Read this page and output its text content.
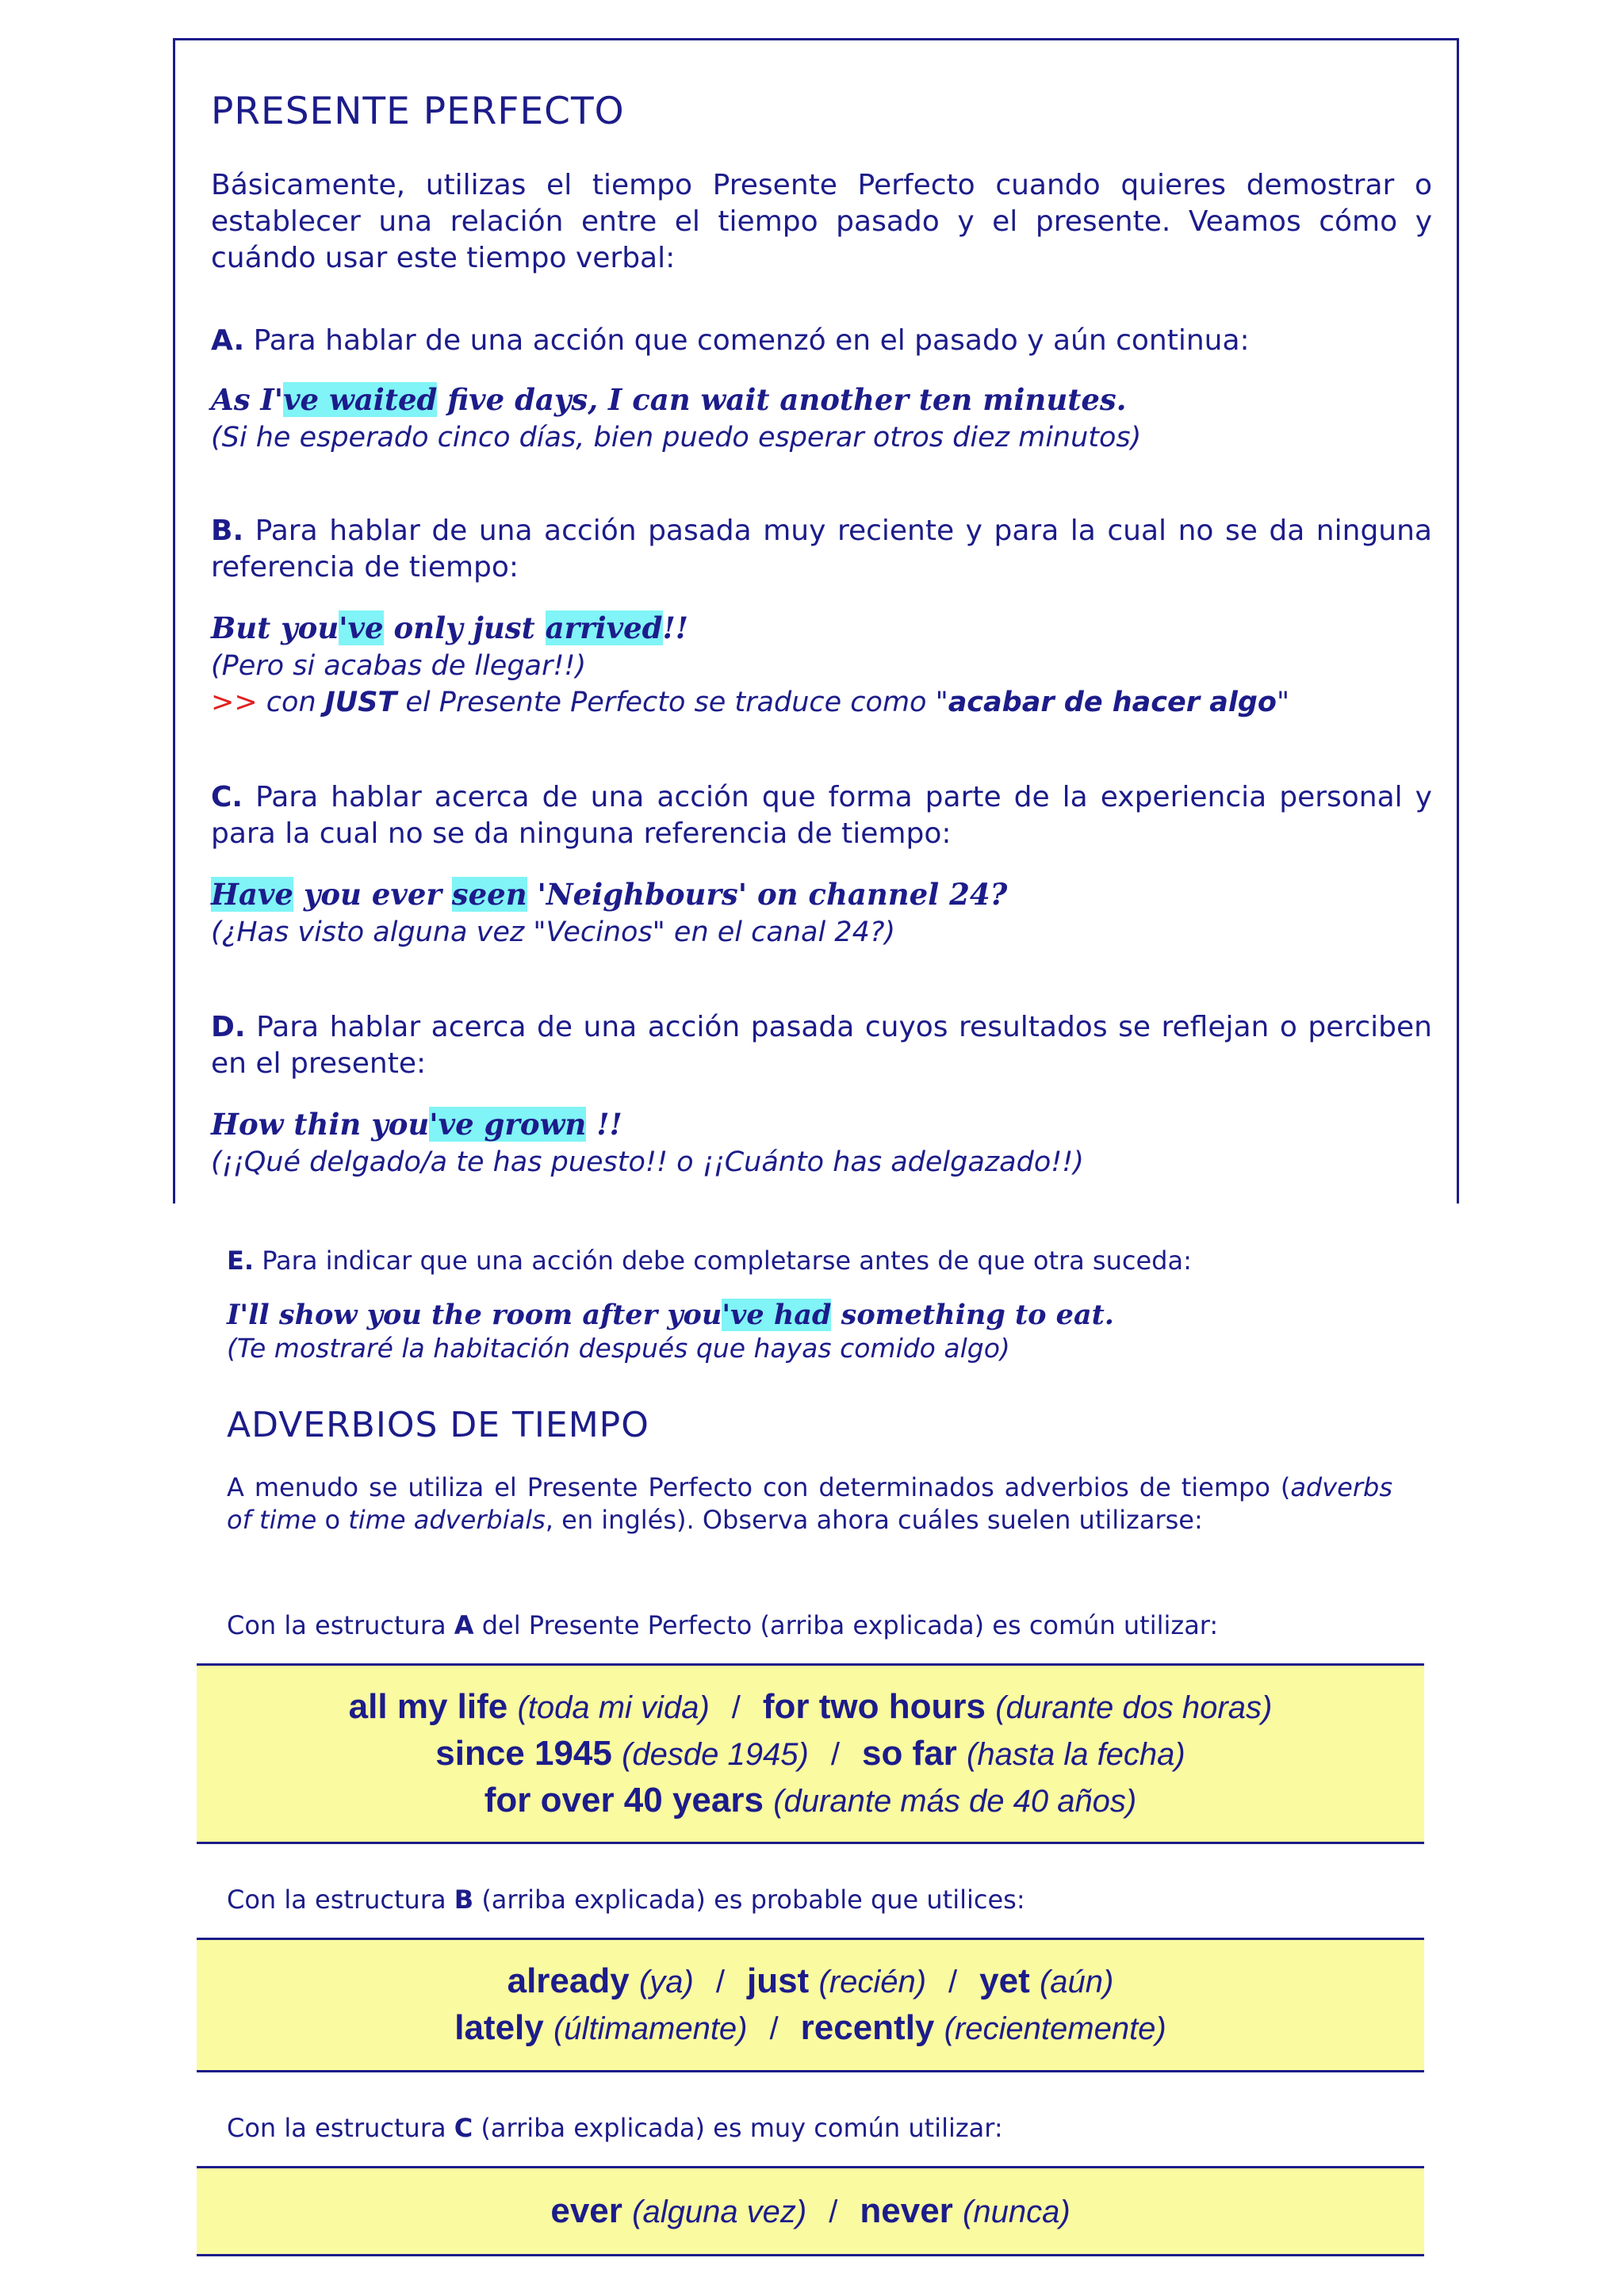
PRESENTE PERFECTO

Básicamente, utilizas el tiempo Presente Perfecto cuando quieres demostrar o establecer una relación entre el tiempo pasado y el presente. Veamos cómo y cuándo usar este tiempo verbal:

A. Para hablar de una acción que comenzó en el pasado y aún continua:

As I've waited five days, I can wait another ten minutes.

(Si he esperado cinco días, bien puedo esperar otros diez minutos)

B. Para hablar de una acción pasada muy reciente y para la cual no se da ninguna referencia de tiempo:

But you've only just arrived!!

(Pero si acabas de llegar!!)

>> con JUST el Presente Perfecto se traduce como "acabar de hacer algo"

C. Para hablar acerca de una acción que forma parte de la experiencia personal y para la cual no se da ninguna referencia de tiempo:

Have you ever seen 'Neighbours' on channel 24?

(¿Has visto alguna vez "Vecinos" en el canal 24?)

D. Para hablar acerca de una acción pasada cuyos resultados se reflejan o perciben en el presente:

How thin you've grown !!

(¡¡Qué delgado/a te has puesto!! o ¡¡Cuánto has adelgazado!!)

E. Para indicar que una acción debe completarse antes de que otra suceda:

I'll show you the room after you've had something to eat.

(Te mostraré la habitación después que hayas comido algo)

ADVERBIOS DE TIEMPO

A menudo se utiliza el Presente Perfecto con determinados adverbios de tiempo (adverbs of time o time adverbials, en inglés). Observa ahora cuáles suelen utilizarse:

Con la estructura A del Presente Perfecto (arriba explicada) es común utilizar:

all my life (toda mi vida) / for two hours (durante dos horas)
since 1945 (desde 1945) / so far (hasta la fecha)
for over 40 years (durante más de 40 años)

Con la estructura B (arriba explicada) es probable que utilices:

already (ya) / just (recién) / yet (aún)
lately (últimamente) / recently (recientemente)

Con la estructura C (arriba explicada) es muy común utilizar:

ever (alguna vez) / never (nunca)
